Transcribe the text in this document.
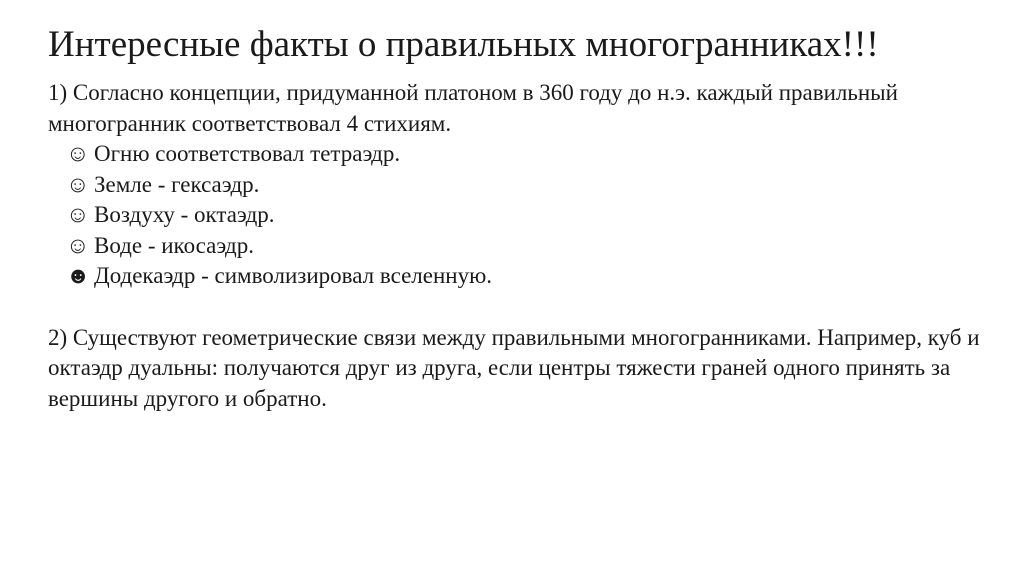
Интересные факты о правильных многогранниках!!!

1) Согласно концепции, придуманной платоном в 360 году до н.э. каждый правильный многогранник соответствовал 4 стихиям.

☺ Огню соответствовал тетраэдр.
☺ Земле - гексаэдр.
☺ Воздуху - октаэдр.
☺ Воде - икосаэдр.
☻ Додекаэдр - символизировал вселенную.

2) Существуют геометрические связи между правильными многогранниками. Например, куб и октаэдр дуальны: получаются друг из друга, если центры тяжести граней одного принять за вершины другого и обратно.
